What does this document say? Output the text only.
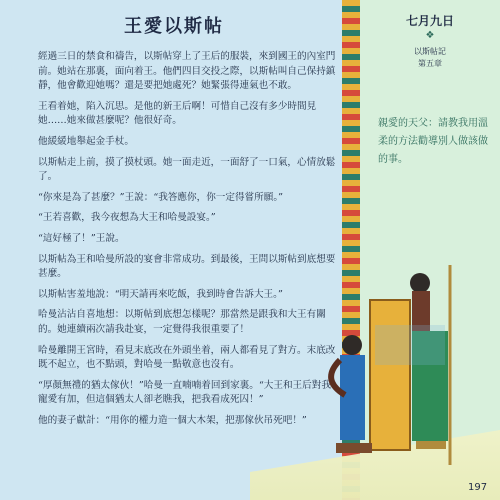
王愛以斯帖

經過三日的禁食和禱告，以斯帖穿上了王后的服裝，來到國王的內室門前。她站在那裏，面向着王。他們四目交投之際，以斯帖叫自己保持鎮靜，他會歡迎她嗎？還是要把她處死？她緊張得連氣也不敢。

王看着她，陷入沉思。是他的新王后啊！可惜自己沒有多少時間見她……她來做甚麼呢？他很好奇。

他緩緩地舉起金手杖。

以斯帖走上前，摸了摸杖頭。她一面走近，一面舒了一口氣，心情放鬆了。

“你來是為了甚麼？”王說：“我答應你，你一定得嘗所願。”

“王若喜歡，我今夜想為大王和哈曼設宴。”

“這好極了！”王說。

以斯帖為王和哈曼所設的宴會非常成功。到最後，王問以斯帖到底想要甚麼。

以斯帖害羞地說：“明天請再來吃飯，我到時會告訴大王。”

哈曼沾沾自喜地想：以斯帖到底想怎樣呢？那當然是跟我和大王有關的。她連續兩次請我赴宴，一定覺得我很重要了！

哈曼離開王宮時，看見末底改在外頭坐着，兩人都看見了對方。末底改既不起立，也不點頭，對哈曼一點敬意也沒有。

“厚顏無禮的猶太傢伙！”哈曼一直喃喃着回到家裏。“大王和王后對我寵愛有加，但這個猶太人卻老瞧我，把我看成死囚！”

他的妻子獻計：“用你的權力造一個大木架，把那傢伙吊死吧！”

七月九日
❖
以斯帖記
第五章
親愛的天父：請教我用溫柔的方法勸導別人做該做的事。
197
